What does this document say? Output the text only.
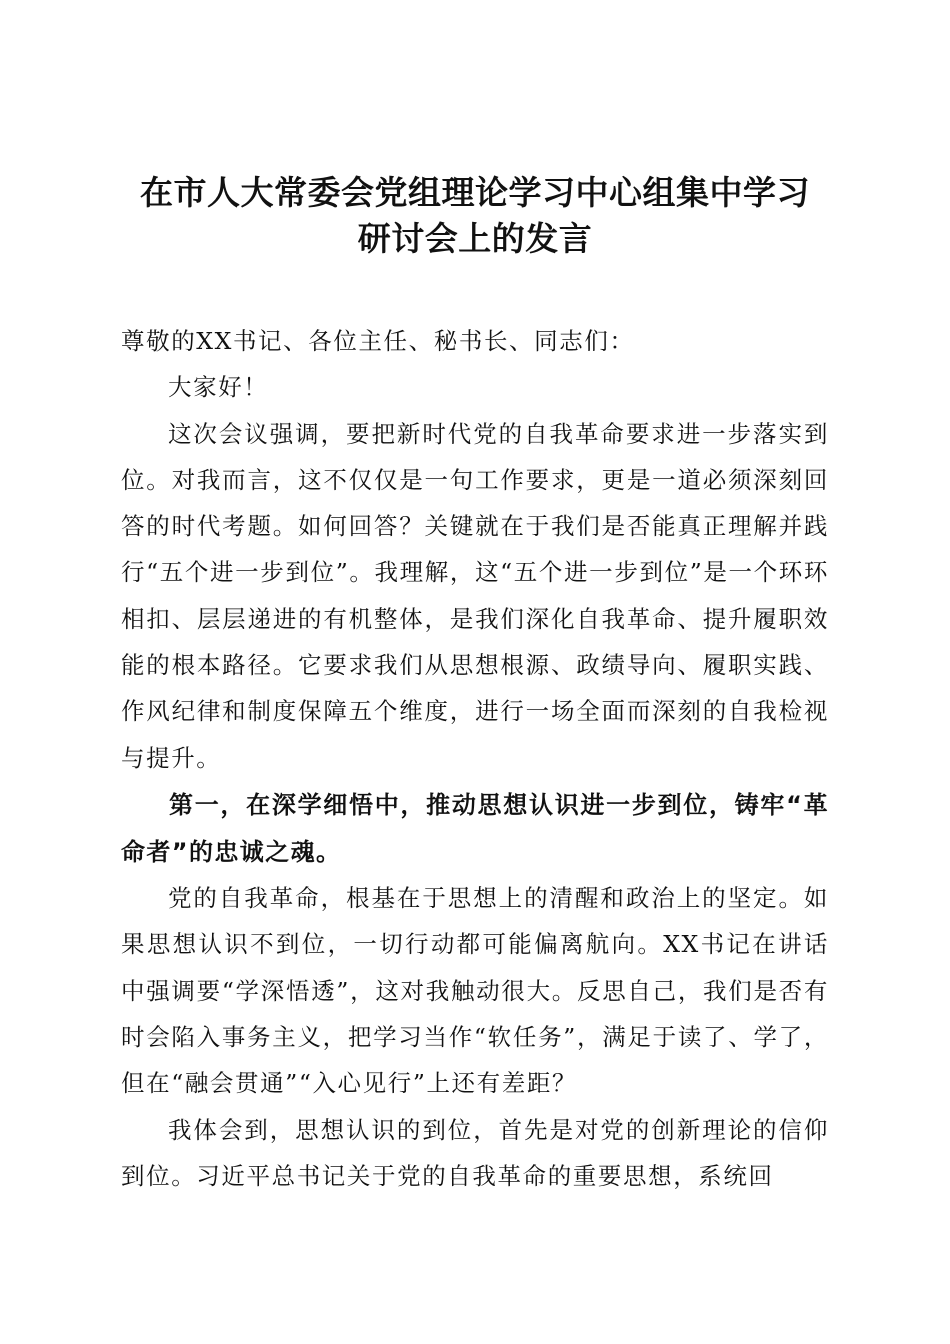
在市人大常委会党组理论学习中心组集中学习
研讨会上的发言

尊敬的XX书记、各位主任、秘书长、同志们：

大家好！

这次会议强调，要把新时代党的自我革命要求进一步落实到位。对我而言，这不仅仅是一句工作要求，更是一道必须深刻回答的时代考题。如何回答？关键就在于我们是否能真正理解并践行“五个进一步到位”。我理解，这“五个进一步到位”是一个环环相扣、层层递进的有机整体，是我们深化自我革命、提升履职效能的根本路径。它要求我们从思想根源、政绩导向、履职实践、作风纪律和制度保障五个维度，进行一场全面而深刻的自我检视与提升。

第一，在深学细悟中，推动思想认识进一步到位，铸牢“革命者”的忠诚之魂。

党的自我革命，根基在于思想上的清醒和政治上的坚定。如果思想认识不到位，一切行动都可能偏离航向。XX书记在讲话中强调要“学深悟透”，这对我触动很大。反思自己，我们是否有时会陷入事务主义，把学习当作“软任务”，满足于读了、学了，但在“融会贯通”“入心见行”上还有差距？

我体会到，思想认识的到位，首先是对党的创新理论的信仰到位。习近平总书记关于党的自我革命的重要思想，系统回
